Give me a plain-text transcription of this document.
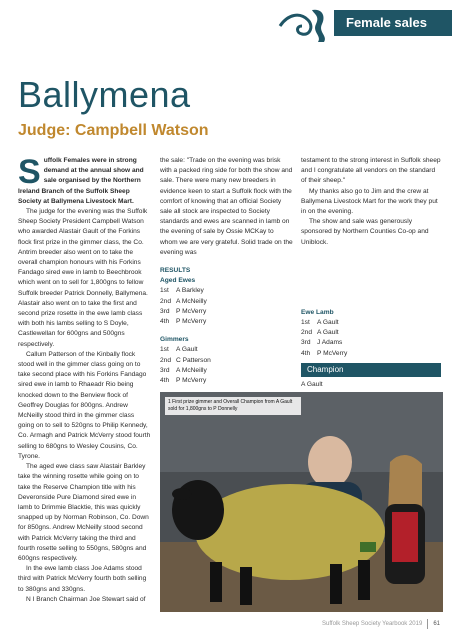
Female sales
Ballymena
Judge: Campbell Watson

Suffolk Females were in strong demand at the annual show and sale organised by the Northern Ireland Branch of the Suffolk Sheep Society at Ballymena Livestock Mart.

The judge for the evening was the Suffolk Sheep Society President Campbell Watson who awarded Alastair Gault of the Forkins flock first prize in the gimmer class, the Co. Antrim breeder also went on to take the overall champion honours with his Forkins Fandago sired ewe in lamb to Beechbrook which went on to sell for 1,800gns to fellow Suffolk breeder Patrick Donnelly, Ballymena. Alastair also went on to take the first and second prize rosette in the ewe lamb class with both his lambs selling to S Doyle, Castlewellan for 600gns and 500gns respectively.

Callum Patterson of the Kinbally flock stood well in the gimmer class going on to take second place with his Forkins Fandago sired ewe in lamb to Rhaeadr Rio being knocked down to the Benview flock of Geoffrey Douglas for 800gns. Andrew McNeilly stood third in the gimmer class going on to sell to 520gns to Philip Kennedy, Co. Armagh and Patrick McVerry stood fourth selling to 680gns to Wesley Cousins, Co. Tyrone.

The aged ewe class saw Alastair Barkley take the winning rosette while going on to take the Reserve Champion title with his Deveronside Pure Diamond sired ewe in lamb to Drimmie Blacktie, this was quickly snapped up by Norman Robinson, Co. Down for 850gns. Andrew McNeilly stood second with Patrick McVerry taking the third and fourth rosette selling to 550gns, 580gns and 600gns respectively.

In the ewe lamb class Joe Adams stood third with Patrick McVerry fourth both selling to 380gns and 330gns.

N I Branch Chairman Joe Stewart said of

the sale: "Trade on the evening was brisk with a packed ring side for both the show and sale. There were many new breeders in evidence keen to start a Suffolk flock with the comfort of knowing that an official Society sale all stock are inspected to Society standards and ewes are scanned in lamb on the evening of sale by Ossie MCKay to whom we are very grateful. Solid trade on the evening was

RESULTS
Aged Ewes
1st	A Barkley
2nd A McNeilly
3rd P McVerry
4th	P McVerry
Gimmers
1st	A Gault
2nd C Patterson
3rd A McNeilly
4th	P McVerry

testament to the strong interest in Suffolk sheep and I congratulate all vendors on the standard of their sheep."

My thanks also go to Jim and the crew at Ballymena Livestock Mart for the work they put in on the evening.

The show and sale was generously sponsored by Northern Counties Co-op and Uniblock.

Ewe Lamb
1st	A Gault
2nd A Gault
3rd J Adams
4th	P McVerry
Champion
A Gault
1 First prize gimmer and Overall Champion from A Gault sold for 1,800gns to P Donnelly
Suffolk Sheep Society Yearbook 2019 61
